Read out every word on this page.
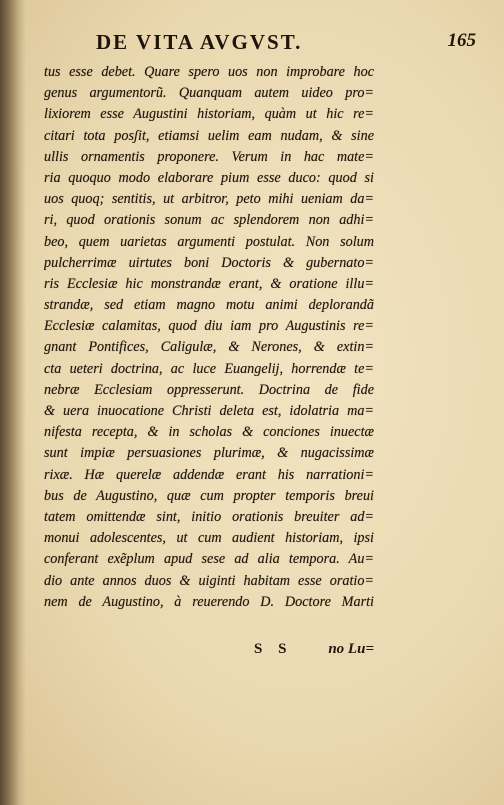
DE VITA AVGVST.	165
tus esse debet. Quare spero uos non improbare hoc
genus argumentorũ. Quanquam autem uideo pro=
lixiorem esse Augustini historiam, quàm ut hic re=
citari tota posʃit, etiamsi uelim eam nudam, & sine
ullis ornamentis proponere. Verum in hac mate=
ria quoquo modo elaborare pium esse duco: quod si
uos quoq; sentitis, ut arbitror, peto mihi ueniam da=
ri, quod orationis sonum ac splendorem non adhi=
beo, quem uarietas argumenti postulat. Non solum
pulcherrimæ uirtutes boni Doctoris & gubernato=
ris Ecclesiæ hic monstrandæ erant, & oratione illu=
strandæ, sed etiam magno motu animi deplorandã
Ecclesiæ calamitas, quod diu iam pro Augustinis re=
gnant Pontifices, Caligulæ, & Nerones, & extin=
cta ueteri doctrina, ac luce Euangelij, horrendæ te=
nebræ Ecclesiam oppresserunt. Doctrina de fide
& uera inuocatione Christi deleta est, idolatria ma=
nifesta recepta, & in scholas & conciones inuectæ
sunt impiæ persuasiones plurimæ, & nugacissimæ
rixæ. Hæ querelæ addendæ erant his narrationi=
bus de Augustino, quæ cum propter temporis breui
tatem omittendæ sint, initio orationis breuiter ad=
monui adolescentes, ut cum audient historiam, ipsi
conferant exẽplum apud sese ad alia tempora. Au=
dio ante annos duos & uiginti habitam esse oratio=
nem de Augustino, à reuerendo D. Doctore Marti
S S no Lu=
